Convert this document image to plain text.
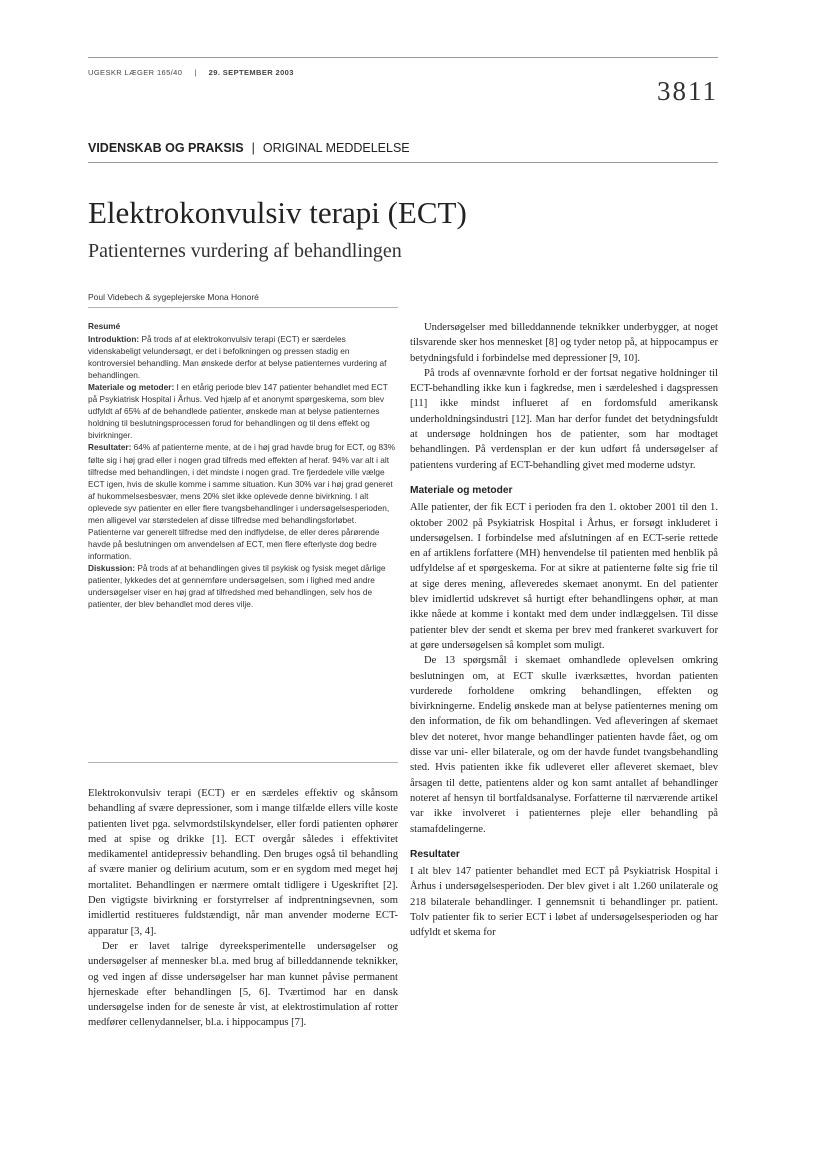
UGESKR LÆGER 165/40 | 29. SEPTEMBER 2003
3811
VIDENSKAB OG PRAKSIS | ORIGINAL MEDDELELSE
Elektrokonvulsiv terapi (ECT)
Patienternes vurdering af behandlingen
Poul Videbech & sygeplejerske Mona Honoré
Resumé

Introduktion: På trods af at elektrokonvulsiv terapi (ECT) er særdeles videnskabeligt velundersøgt, er det i befolkningen og pressen stadig en kontroversiel behandling. Man ønskede derfor at belyse patienternes vurdering af behandlingen.

Materiale og metoder: I en etårig periode blev 147 patienter behandlet med ECT på Psykiatrisk Hospital i Århus. Ved hjælp af et anonymt spørgeskema, som blev udfyldt af 65% af de behandlede patienter, ønskede man at belyse patienternes holdning til beslutningsprocessen forud for behandlingen og til dens effekt og bivirkninger.

Resultater: 64% af patienterne mente, at de i høj grad havde brug for ECT, og 83% følte sig i høj grad eller i nogen grad tilfreds med effekten af heraf. 94% var alt i alt tilfredse med behandlingen, i det mindste i nogen grad. Tre fjerdedele ville vælge ECT igen, hvis de skulle komme i samme situation. Kun 30% var i høj grad generet af hukommelsesbesvær, mens 20% slet ikke oplevede denne bivirkning. I alt oplevede syv patienter en eller flere tvangsbehandlinger i undersøgelsesperioden, men alligevel var størstedelen af disse tilfredse med behandlingsforløbet. Patienterne var generelt tilfredse med den indflydelse, de eller deres pårørende havde på beslutningen om anvendelsen af ECT, men flere efterlyste dog bedre information.

Diskussion: På trods af at behandlingen gives til psykisk og fysisk meget dårlige patienter, lykkedes det at gennemføre undersøgelsen, som i lighed med andre undersøgelser viser en høj grad af tilfredshed med behandlingen, selv hos de patienter, der blev behandlet mod deres vilje.

Elektrokonvulsiv terapi (ECT) er en særdeles effektiv og skånsom behandling af svære depressioner, som i mange tilfælde ellers ville koste patienten livet pga. selvmordstilskyndelser, eller fordi patienten ophører med at spise og drikke [1]. ECT overgår således i effektivitet medikamentel antidepressiv behandling. Den bruges også til behandling af svære manier og delirium acutum, som er en sygdom med meget høj mortalitet. Behandlingen er nærmere omtalt tidligere i Ugeskriftet [2]. Den vigtigste bivirkning er forstyrrelser af indprentningsevnen, som imidlertid restitueres fuldstændigt, når man anvender moderne ECT-apparatur [3, 4].

Der er lavet talrige dyreeksperimentelle undersøgelser og undersøgelser af mennesker bl.a. med brug af billeddannende teknikker, og ved ingen af disse undersøgelser har man kunnet påvise permanent hjerneskade efter behandlingen [5, 6]. Tværtimod har en dansk undersøgelse inden for de seneste år vist, at elektrostimulation af rotter medfører cellenydannelser, bl.a. i hippocampus [7].

Undersøgelser med billeddannende teknikker underbygger, at noget tilsvarende sker hos mennesket [8] og tyder netop på, at hippocampus er betydningsfuld i forbindelse med depressioner [9, 10].

På trods af ovennævnte forhold er der fortsat negative holdninger til ECT-behandling ikke kun i fagkredse, men i særdeleshed i dagspressen [11] ikke mindst influeret af en fordomsfuld amerikansk underholdningsindustri [12]. Man har derfor fundet det betydningsfuldt at undersøge holdningen hos de patienter, som har modtaget behandlingen. På verdensplan er der kun udført få undersøgelser af patientens vurdering af ECT-behandling givet med moderne udstyr.

Materiale og metoder

Alle patienter, der fik ECT i perioden fra den 1. oktober 2001 til den 1. oktober 2002 på Psykiatrisk Hospital i Århus, er forsøgt inkluderet i undersøgelsen. I forbindelse med afslutningen af en ECT-serie rettede en af artiklens forfattere (MH) henvendelse til patienten med henblik på udfyldelse af et spørgeskema. For at sikre at patienterne følte sig frie til at sige deres mening, afleveredes skemaet anonymt. En del patienter blev imidlertid udskrevet så hurtigt efter behandlingens ophør, at man ikke nåede at komme i kontakt med dem under indlæggelsen. Til disse patienter blev der sendt et skema per brev med frankeret svarkuvert for at gøre undersøgelsen så komplet som muligt.

De 13 spørgsmål i skemaet omhandlede oplevelsen omkring beslutningen om, at ECT skulle iværksættes, hvordan patienten vurderede forholdene omkring behandlingen, effekten og bivirkningerne. Endelig ønskede man at belyse patienternes mening om den information, de fik om behandlingen. Ved afleveringen af skemaet blev det noteret, hvor mange behandlinger patienten havde fået, og om disse var uni- eller bilaterale, og om der havde fundet tvangsbehandling sted. Hvis patienten ikke fik udleveret eller afleveret skemaet, blev årsagen til dette, patientens alder og kon samt antallet af behandlinger noteret af hensyn til bortfaldsanalyse. Forfatterne til nærværende artikel var ikke involveret i patienternes pleje eller behandling på stamafdelingerne.

Resultater

I alt blev 147 patienter behandlet med ECT på Psykiatrisk Hospital i Århus i undersøgelsesperioden. Der blev givet i alt 1.260 unilaterale og 218 bilaterale behandlinger. I gennemsnit ti behandlinger pr. patient. Tolv patienter fik to serier ECT i løbet af undersøgelsesperioden og har udfyldt et skema for
